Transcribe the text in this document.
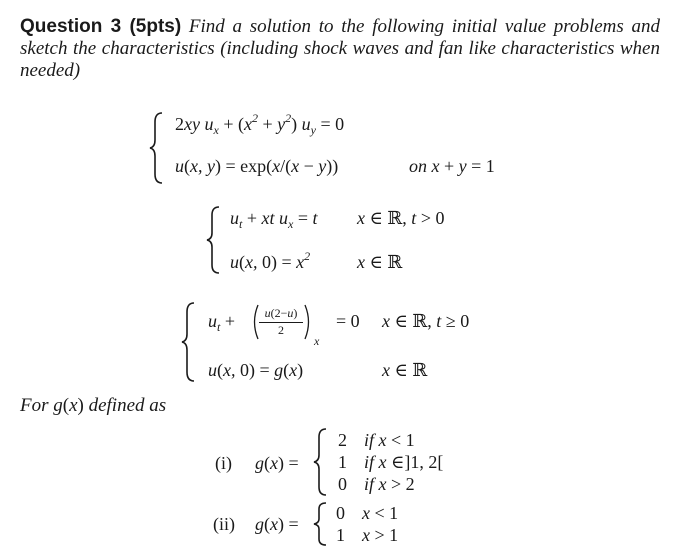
Question 3 (5pts) Find a solution to the following initial value problems and sketch the characteristics (including shock waves and fan like characteristics when needed)
2xy $u_x + (x^2 + y^2) u_y = 0$
u(x, y) = exp(x/(x − y))	on x + y = 1
$u_t$ + xt $u_x = t$ x ∈ ℝ, t > 0
u(x, $0) = x^2$	x ∈ ℝ
$u_t$ +	u(2−u)
2
x
= 0 x ∈ ℝ, t ≥ 0
u(x, 0) = g(x)	x ∈ ℝ
For g(x) defined as
(i) g(x) =
2 if x < 1
1 if x ∈]1, 2[
0 if x > 2
(ii) g(x) =
0 x < 1
1 x > 1
